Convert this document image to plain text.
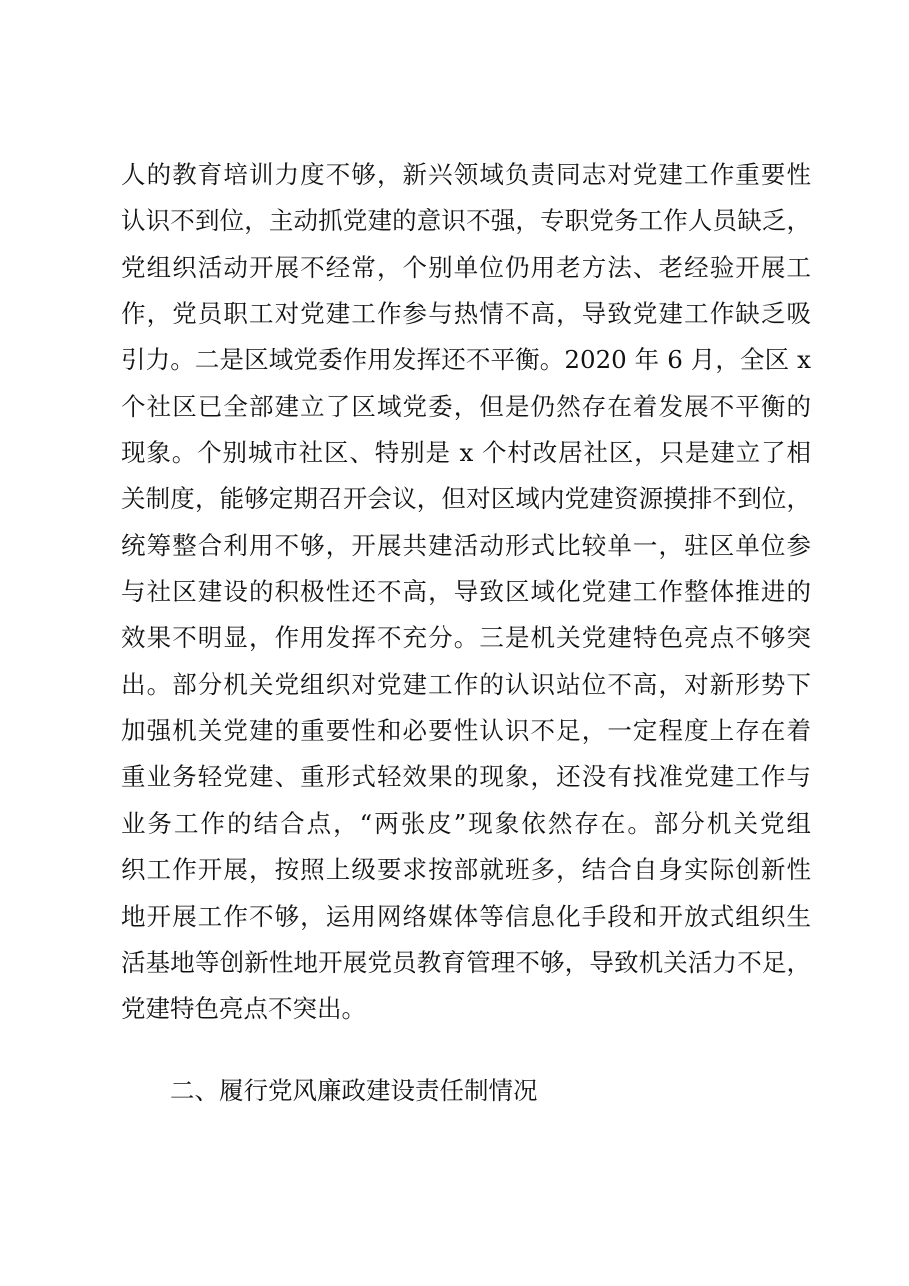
人的教育培训力度不够，新兴领域负责同志对党建工作重要性
认识不到位，主动抓党建的意识不强，专职党务工作人员缺乏，
党组织活动开展不经常，个别单位仍用老方法、老经验开展工
作，党员职工对党建工作参与热情不高，导致党建工作缺乏吸
引力。二是区域党委作用发挥还不平衡。2020 年 6 月，全区 x
个社区已全部建立了区域党委，但是仍然存在着发展不平衡的
现象。个别城市社区、特别是 x 个村改居社区，只是建立了相
关制度，能够定期召开会议，但对区域内党建资源摸排不到位，
统筹整合利用不够，开展共建活动形式比较单一，驻区单位参
与社区建设的积极性还不高，导致区域化党建工作整体推进的
效果不明显，作用发挥不充分。三是机关党建特色亮点不够突
出。部分机关党组织对党建工作的认识站位不高，对新形势下
加强机关党建的重要性和必要性认识不足，一定程度上存在着
重业务轻党建、重形式轻效果的现象，还没有找准党建工作与
业务工作的结合点，“两张皮”现象依然存在。部分机关党组
织工作开展，按照上级要求按部就班多，结合自身实际创新性
地开展工作不够，运用网络媒体等信息化手段和开放式组织生
活基地等创新性地开展党员教育管理不够，导致机关活力不足，
党建特色亮点不突出。
二、履行党风廉政建设责任制情况
